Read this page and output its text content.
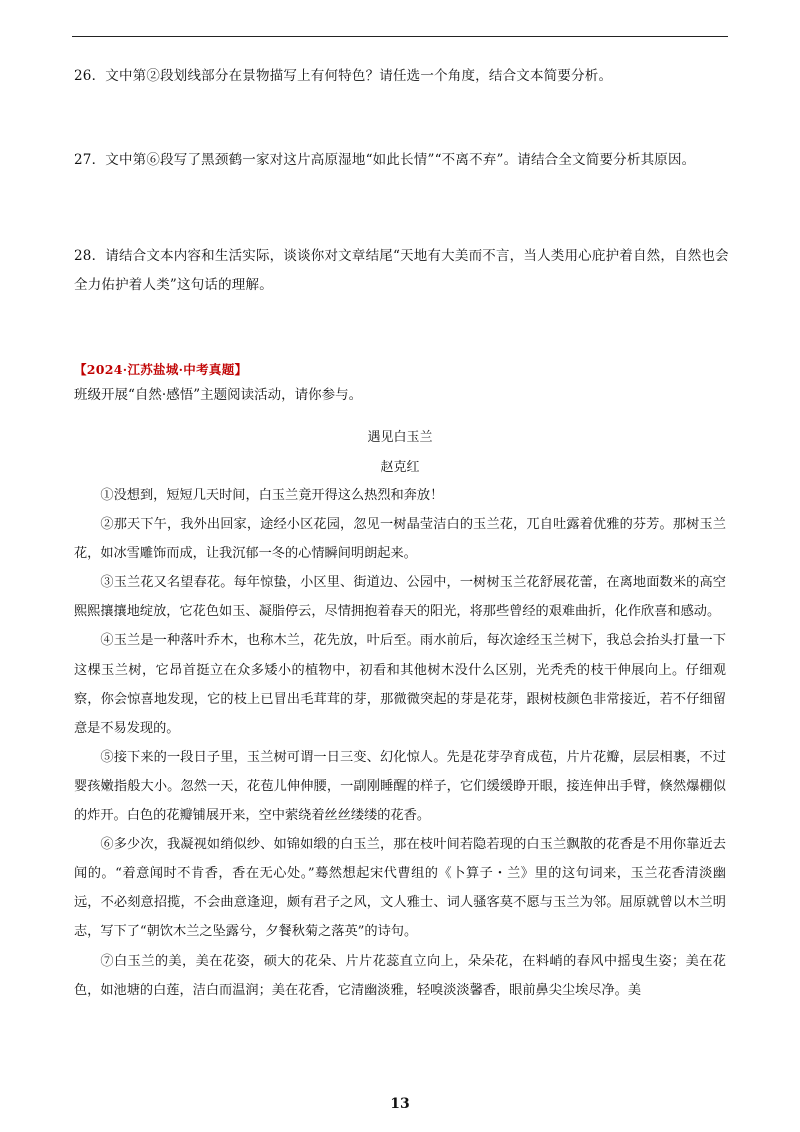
26．文中第②段划线部分在景物描写上有何特色？请任选一个角度，结合文本简要分析。
27．文中第⑥段写了黑颈鹤一家对这片高原湿地“如此长情”“不离不弃”。请结合全文简要分析其原因。
28．请结合文本内容和生活实际，谈谈你对文章结尾“天地有大美而不言，当人类用心庇护着自然，自然也会全力佑护着人类”这句话的理解。
【2024·江苏盐城·中考真题】
班级开展“自然·感悟”主题阅读活动，请你参与。
遇见白玉兰
赵克红

①没想到，短短几天时间，白玉兰竟开得这么热烈和奔放！

②那天下午，我外出回家，途经小区花园，忽见一树晶莹洁白的玉兰花，兀自吐露着优雅的芬芳。那树玉兰花，如冰雪雕饰而成，让我沉郁一冬的心情瞬间明朗起来。

③玉兰花又名望春花。每年惊蛰，小区里、街道边、公园中，一树树玉兰花舒展花蕾，在离地面数米的高空熙熙攘攘地绽放，它花色如玉、凝脂停云，尽情拥抱着春天的阳光，将那些曾经的艰难曲折，化作欣喜和感动。

④玉兰是一种落叶乔木，也称木兰，花先放，叶后至。雨水前后，每次途经玉兰树下，我总会抬头打量一下这棵玉兰树，它昂首挺立在众多矮小的植物中，初看和其他树木没什么区别，光秃秃的枝干伸展向上。仔细观察，你会惊喜地发现，它的枝上已冒出毛茸茸的芽，那微微突起的芽是花芽，跟树枝颜色非常接近，若不仔细留意是不易发现的。

⑤接下来的一段日子里，玉兰树可谓一日三变、幻化惊人。先是花芽孕育成苞，片片花瓣，层层相裹，不过婴孩嫩指般大小。忽然一天，花苞儿伸伸腰，一副刚睡醒的样子，它们缓缓睁开眼，接连伸出手臂，倏然爆棚似的炸开。白色的花瓣铺展开来，空中萦绕着丝丝缕缕的花香。

⑥多少次，我凝视如绡似纱、如锦如缎的白玉兰，那在枝叶间若隐若现的白玉兰飘散的花香是不用你靠近去闻的。“着意闻时不肯香，香在无心处。”蓦然想起宋代曹组的《卜算子・兰》里的这句词来，玉兰花香清淡幽远，不必刻意招揽，不会曲意逢迎，颇有君子之风，文人雅士、词人骚客莫不愿与玉兰为邻。屈原就曾以木兰明志，写下了“朝饮木兰之坠露兮，夕餐秋菊之落英”的诗句。

⑦白玉兰的美，美在花姿，硕大的花朵、片片花蕊直立向上，朵朵花，在料峭的春风中摇曳生姿；美在花色，如池塘的白莲，洁白而温润；美在花香，它清幽淡雅，轻嗅淡淡馨香，眼前鼻尖尘埃尽净。美

13
